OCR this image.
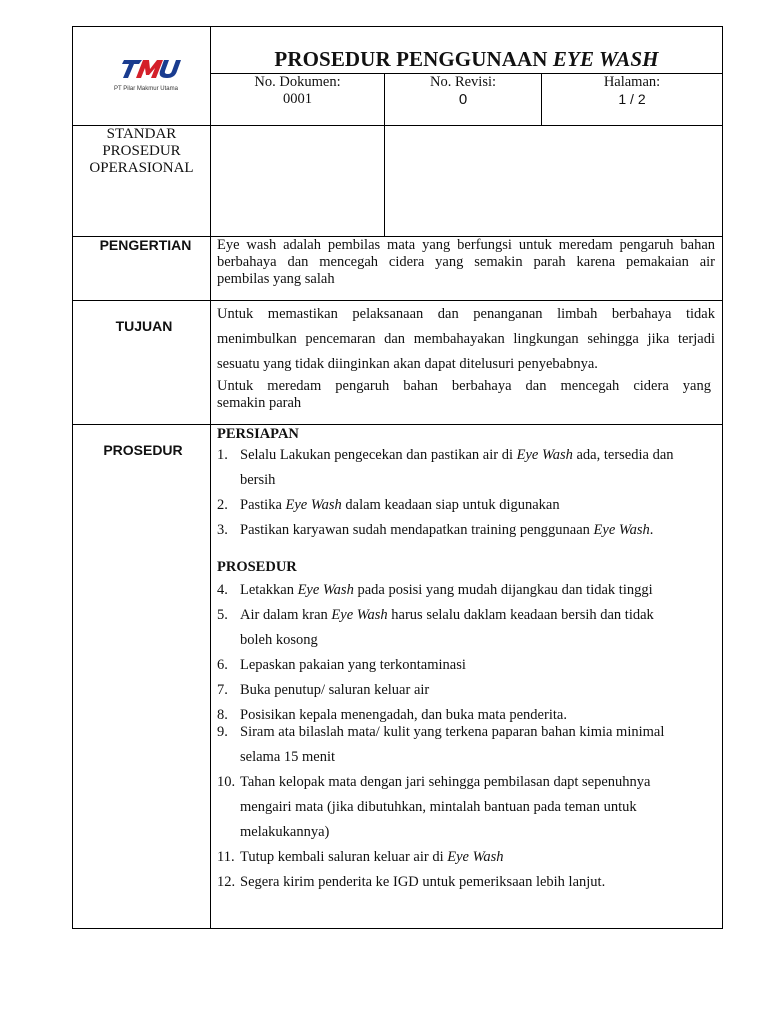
PT Pilar Makmur Utama
PROSEDUR PENGGUNAAN EYE WASH
No. Dokumen:
0001
No. Revisi:
0
Halaman:
1 / 2
STANDAR
PROSEDUR
OPERASIONAL
PENGERTIAN	Eye wash adalah pembilas mata yang berfungsi untuk meredam pengaruh bahan
berbahaya dan mencegah cidera yang semakin parah karena pemakaian air
pembilas yang salah
TUJUAN
Untuk memastikan pelaksanaan dan penanganan limbah berbahaya tidak
menimbulkan pencemaran dan membahayakan lingkungan sehingga jika terjadi
sesuatu yang tidak diinginkan akan dapat ditelusuri penyebabnya.
Untuk meredam pengaruh bahan berbahaya dan mencegah cidera yang
semakin parah
PROSEDUR
PERSIAPAN
1. Selalu Lakukan pengecekan dan pastikan air di Eye Wash ada, tersedia dan
bersih
2. Pastika Eye Wash dalam keadaan siap untuk digunakan
3. Pastikan karyawan sudah mendapatkan training penggunaan Eye Wash.
PROSEDUR
4. Letakkan Eye Wash pada posisi yang mudah dijangkau dan tidak tinggi
5. Air dalam kran Eye Wash harus selalu daklam keadaan bersih dan tidak
boleh kosong
6. Lepaskan pakaian yang terkontaminasi
7. Buka penutup/ saluran keluar air
8. Posisikan kepala menengadah, dan buka mata penderita.
9. Siram ata bilaslah mata/ kulit yang terkena paparan bahan kimia minimal
selama 15 menit
10. Tahan kelopak mata dengan jari sehingga pembilasan dapt sepenuhnya
mengairi mata (jika dibutuhkan, mintalah bantuan pada teman untuk
melakukannya)
11. Tutup kembali saluran keluar air di Eye Wash
12. Segera kirim penderita ke IGD untuk pemeriksaan lebih lanjut.
